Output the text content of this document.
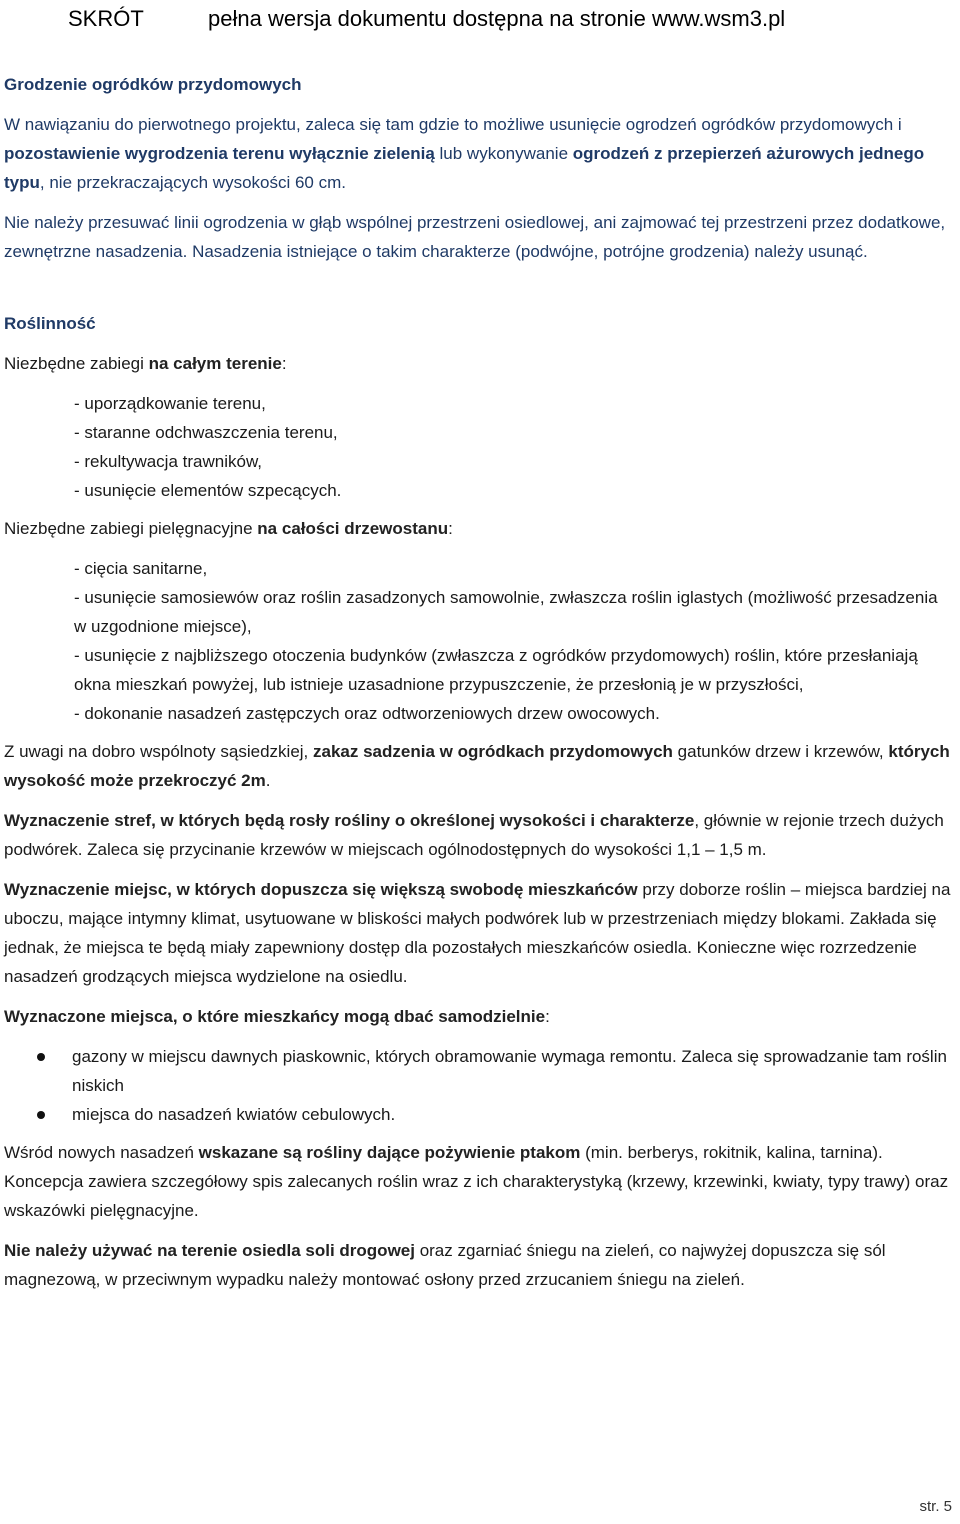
SKRÓT	pełna wersja dokumentu dostępna na stronie www.wsm3.pl

Grodzenie ogródków przydomowych

W nawiązaniu do pierwotnego projektu, zaleca się tam gdzie to możliwe usunięcie ogrodzeń ogródków przydomowych i pozostawienie wygrodzenia terenu wyłącznie zielenią lub wykonywanie ogrodzeń z przepierzeń ażurowych jednego typu, nie przekraczających wysokości 60 cm.

Nie należy przesuwać linii ogrodzenia w głąb wspólnej przestrzeni osiedlowej, ani zajmować tej przestrzeni przez dodatkowe, zewnętrzne nasadzenia. Nasadzenia istniejące o takim charakterze (podwójne, potrójne grodzenia) należy usunąć.

Roślinność

Niezbędne zabiegi na całym terenie:

- uporządkowanie terenu,
- staranne odchwaszczenia terenu,
- rekultywacja trawników,
- usunięcie elementów szpecących.

Niezbędne zabiegi pielęgnacyjne na całości drzewostanu:

- cięcia sanitarne,
- usunięcie samosiewów oraz roślin zasadzonych samowolnie, zwłaszcza roślin iglastych (możliwość przesadzenia w uzgodnione miejsce),
- usunięcie z najbliższego otoczenia budynków (zwłaszcza z ogródków przydomowych) roślin, które przesłaniają okna mieszkań powyżej, lub istnieje uzasadnione przypuszczenie, że przesłonią je w przyszłości,
- dokonanie nasadzeń zastępczych oraz odtworzeniowych drzew owocowych.

Z uwagi na dobro wspólnoty sąsiedzkiej, zakaz sadzenia w ogródkach przydomowych gatunków drzew i krzewów, których wysokość może przekroczyć 2m.

Wyznaczenie stref, w których będą rosły rośliny o określonej wysokości i charakterze, głównie w rejonie trzech dużych podwórek. Zaleca się przycinanie krzewów w miejscach ogólnodostępnych do wysokości 1,1 – 1,5 m.

Wyznaczenie miejsc, w których dopuszcza się większą swobodę mieszkańców przy doborze roślin – miejsca bardziej na uboczu, mające intymny klimat, usytuowane w bliskości małych podwórek lub w przestrzeniach między blokami. Zakłada się jednak, że miejsca te będą miały zapewniony dostęp dla pozostałych mieszkańców osiedla. Konieczne więc rozrzedzenie nasadzeń grodzących miejsca wydzielone na osiedlu.

Wyznaczone miejsca, o które mieszkańcy mogą dbać samodzielnie:

gazony w miejscu dawnych piaskownic, których obramowanie wymaga remontu. Zaleca się sprowadzanie tam roślin niskich
miejsca do nasadzeń kwiatów cebulowych.

Wśród nowych nasadzeń wskazane są rośliny dające pożywienie ptakom (min. berberys, rokitnik, kalina, tarnina). Koncepcja zawiera szczegółowy spis zalecanych roślin wraz z ich charakterystyką (krzewy, krzewinki, kwiaty, typy trawy) oraz wskazówki pielęgnacyjne.

Nie należy używać na terenie osiedla soli drogowej oraz zgarniać śniegu na zieleń, co najwyżej dopuszcza się sól magnezową, w przeciwnym wypadku należy montować osłony przed zrzucaniem śniegu na zieleń.

str. 5
